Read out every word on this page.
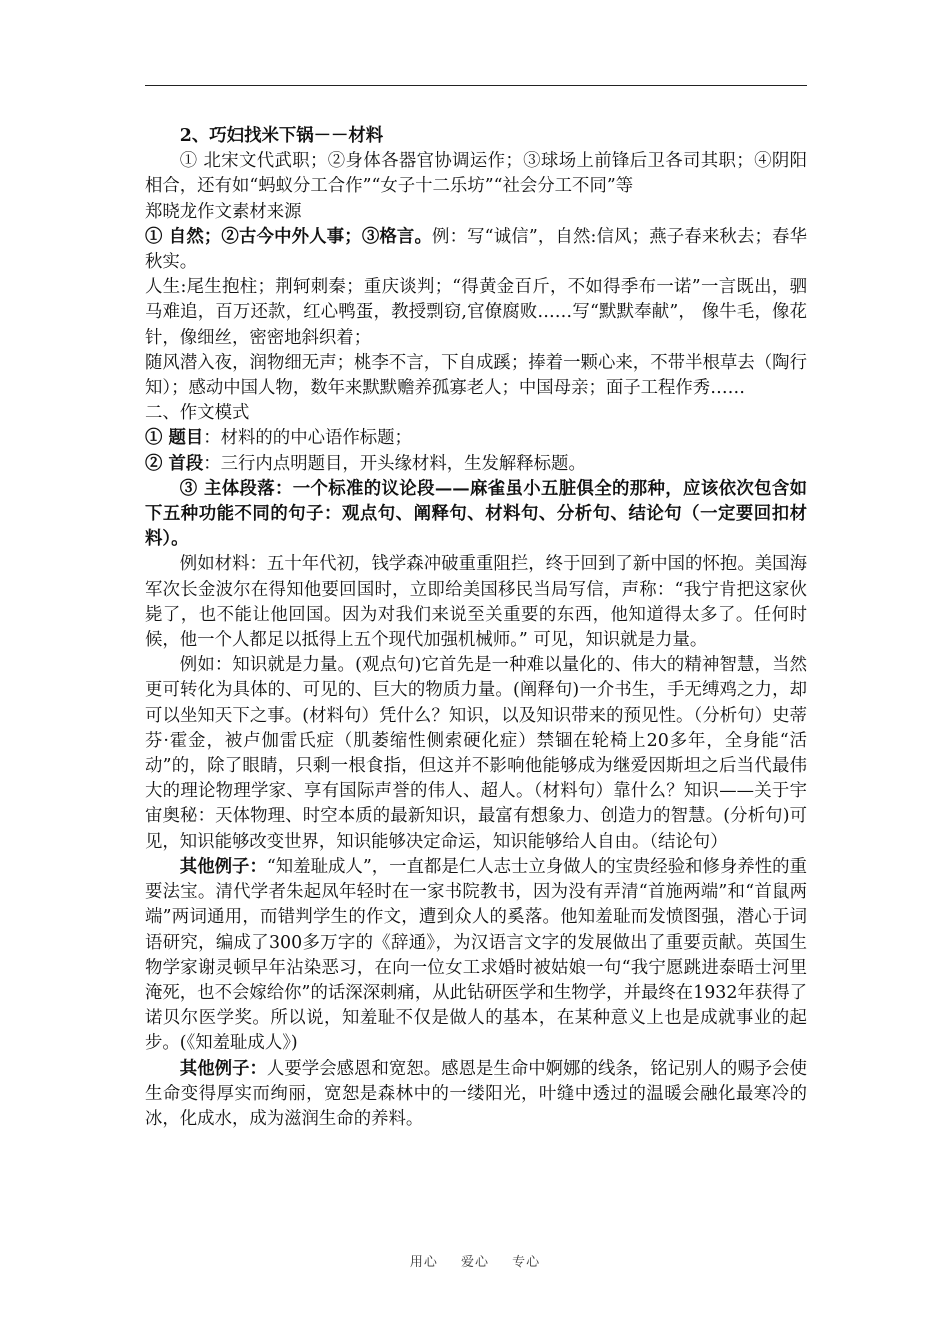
2、巧妇找米下锅－－材料

① 北宋文代武职；②身体各器官协调运作；③球场上前锋后卫各司其职；④阴阳相合，还有如“蚂蚁分工合作”“女子十二乐坊”“社会分工不同”等

郑晓龙作文素材来源

① 自然；②古今中外人事；③格言。例：写“诚信”，自然:信风；燕子春来秋去；春华秋实。

人生:尾生抱柱；荆轲刺秦；重庆谈判；“得黄金百斤，不如得季布一诺”一言既出，驷马难追，百万还款，红心鸭蛋，教授剽窃,官僚腐败……写“默默奉献”， 像牛毛，像花针，像细丝，密密地斜织着；

随风潜入夜，润物细无声；桃李不言，下自成蹊；捧着一颗心来，不带半根草去（陶行知）；感动中国人物，数年来默默赡养孤寡老人；中国母亲；面子工程作秀……

二、作文模式

① 题目：材料的的中心语作标题；

② 首段：三行内点明题目，开头缘材料，生发解释标题。

③ 主体段落：一个标准的议论段——麻雀虽小五脏俱全的那种，应该依次包含如下五种功能不同的句子：观点句、阐释句、材料句、分析句、结论句（一定要回扣材料）。

例如材料：五十年代初，钱学森冲破重重阻拦，终于回到了新中国的怀抱。美国海军次长金波尔在得知他要回国时，立即给美国移民当局写信，声称：“我宁肯把这家伙毙了，也不能让他回国。因为对我们来说至关重要的东西，他知道得太多了。任何时候，他一个人都足以抵得上五个现代加强机械师。” 可见，知识就是力量。

例如：知识就是力量。(观点句)它首先是一种难以量化的、伟大的精神智慧，当然更可转化为具体的、可见的、巨大的物质力量。(阐释句)一介书生，手无缚鸡之力，却可以坐知天下之事。(材料句）凭什么？知识，以及知识带来的预见性。（分析句）史蒂芬·霍金，被卢伽雷氏症（肌萎缩性侧索硬化症）禁锢在轮椅上20多年，全身能“活动”的，除了眼睛，只剩一根食指，但这并不影响他能够成为继爱因斯坦之后当代最伟大的理论物理学家、享有国际声誉的伟人、超人。（材料句）靠什么？知识——关于宇宙奥秘：天体物理、时空本质的最新知识，最富有想象力、创造力的智慧。(分析句)可见，知识能够改变世界，知识能够决定命运，知识能够给人自由。（结论句）

其他例子：“知羞耻成人”，一直都是仁人志士立身做人的宝贵经验和修身养性的重要法宝。清代学者朱起凤年轻时在一家书院教书，因为没有弄清“首施两端”和“首鼠两端”两词通用，而错判学生的作文，遭到众人的奚落。他知羞耻而发愤图强，潜心于词语研究，编成了300多万字的《辞通》，为汉语言文字的发展做出了重要贡献。英国生物学家谢灵顿早年沾染恶习，在向一位女工求婚时被姑娘一句“我宁愿跳进泰晤士河里淹死，也不会嫁给你”的话深深刺痛，从此钻研医学和生物学，并最终在1932年获得了诺贝尔医学奖。所以说，知羞耻不仅是做人的基本，在某种意义上也是成就事业的起步。(《知羞耻成人》)

其他例子：人要学会感恩和宽恕。感恩是生命中婀娜的线条，铭记别人的赐予会使生命变得厚实而绚丽，宽恕是森林中的一缕阳光，叶缝中透过的温暖会融化最寒冷的冰，化成水，成为滋润生命的养料。

用心 爱心 专心
